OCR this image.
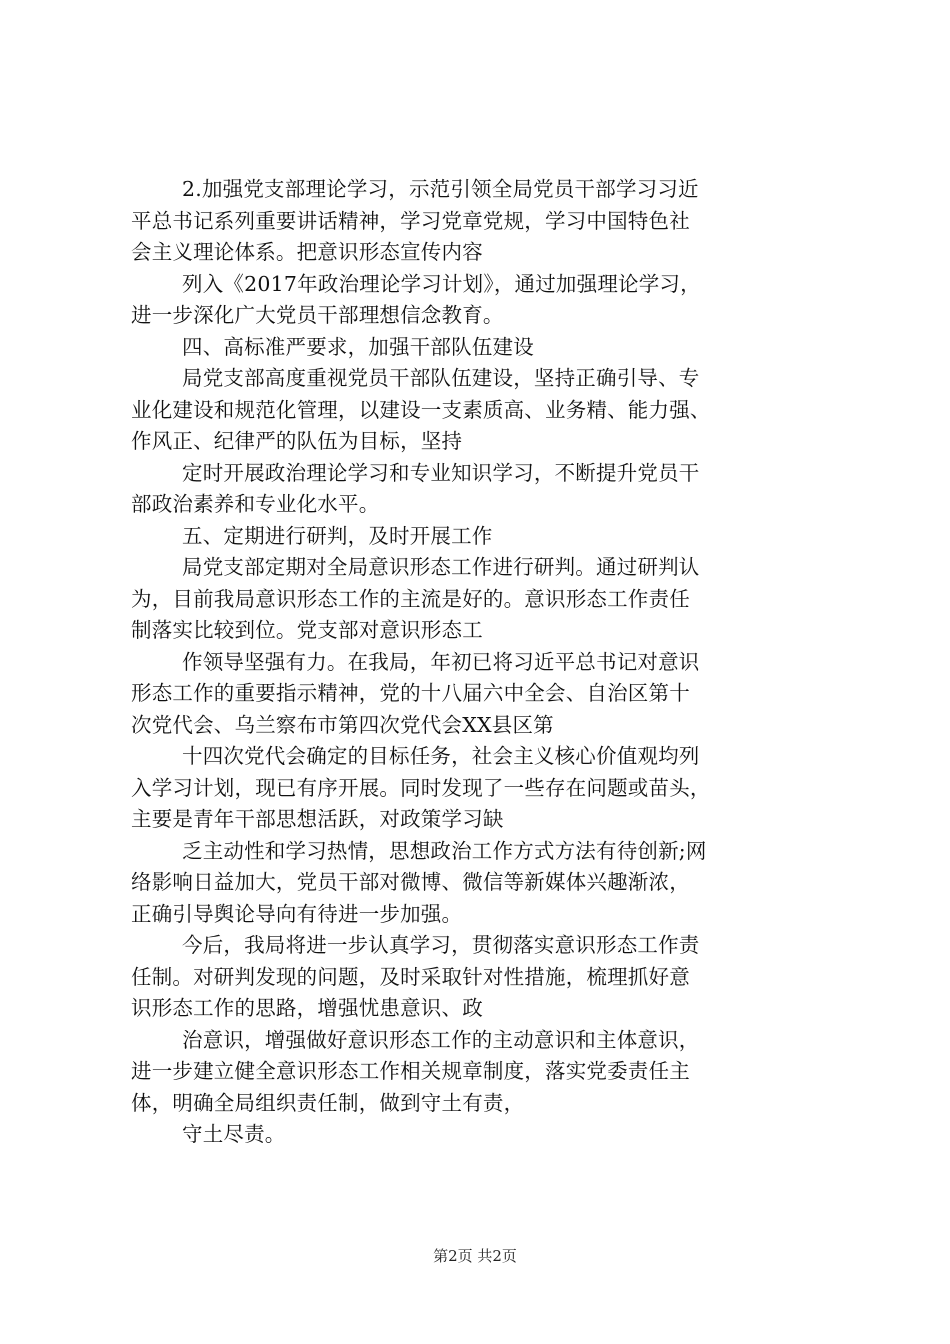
2.加强党支部理论学习，示范引领全局党员干部学习习近
平总书记系列重要讲话精神，学习党章党规，学习中国特色社
会主义理论体系。把意识形态宣传内容
列入《2017年政治理论学习计划》，通过加强理论学习，
进一步深化广大党员干部理想信念教育。
四、高标准严要求，加强干部队伍建设
局党支部高度重视党员干部队伍建设，坚持正确引导、专
业化建设和规范化管理，以建设一支素质高、业务精、能力强、
作风正、纪律严的队伍为目标，坚持
定时开展政治理论学习和专业知识学习，不断提升党员干
部政治素养和专业化水平。
五、定期进行研判，及时开展工作
局党支部定期对全局意识形态工作进行研判。通过研判认
为，目前我局意识形态工作的主流是好的。意识形态工作责任
制落实比较到位。党支部对意识形态工
作领导坚强有力。在我局，年初已将习近平总书记对意识
形态工作的重要指示精神，党的十八届六中全会、自治区第十
次党代会、乌兰察布市第四次党代会XX县区第
十四次党代会确定的目标任务，社会主义核心价值观均列
入学习计划，现已有序开展。同时发现了一些存在问题或苗头，
主要是青年干部思想活跃，对政策学习缺
乏主动性和学习热情，思想政治工作方式方法有待创新;网
络影响日益加大，党员干部对微博、微信等新媒体兴趣渐浓，
正确引导舆论导向有待进一步加强。
今后，我局将进一步认真学习，贯彻落实意识形态工作责
任制。对研判发现的问题，及时采取针对性措施，梳理抓好意
识形态工作的思路，增强忧患意识、政
治意识，增强做好意识形态工作的主动意识和主体意识，
进一步建立健全意识形态工作相关规章制度，落实党委责任主
体，明确全局组织责任制，做到守土有责，
守土尽责。
第2页 共2页
